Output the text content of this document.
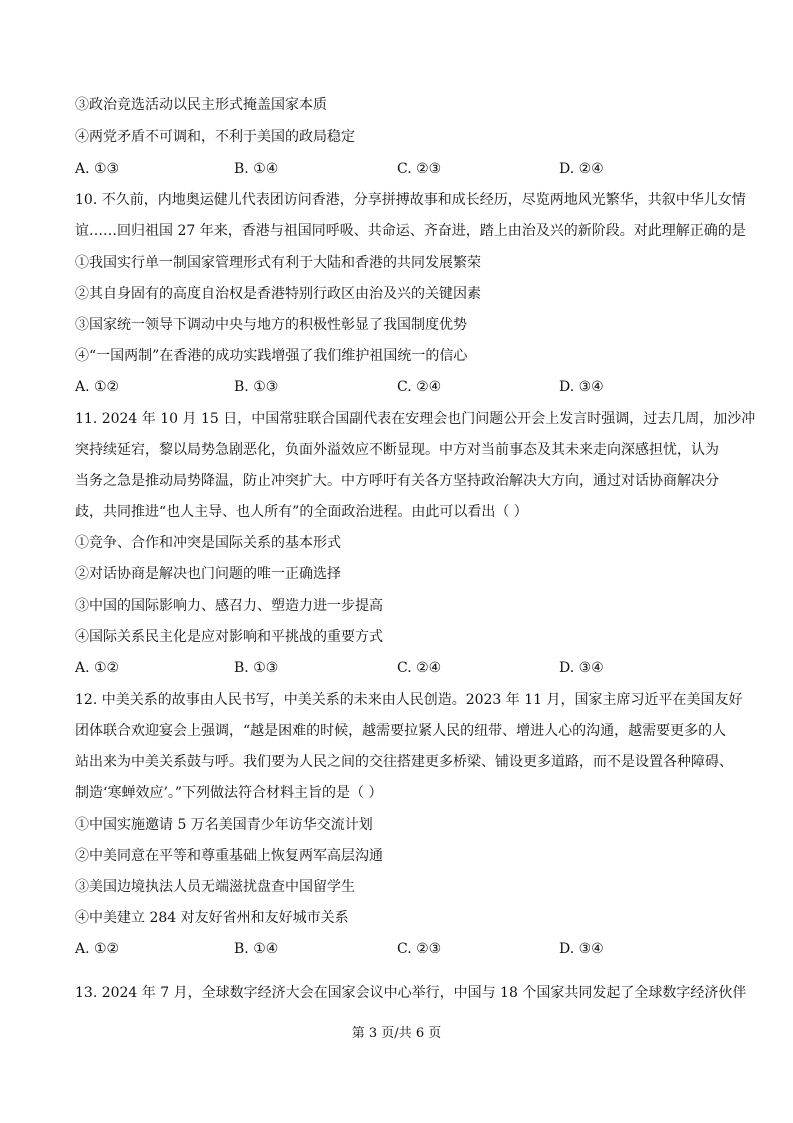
③政治竞选活动以民主形式掩盖国家本质
④两党矛盾不可调和，不利于美国的政局稳定
A. ①③	B. ①④	C. ②③	D. ②④
10. 不久前，内地奥运健儿代表团访问香港，分享拼搏故事和成长经历，尽览两地风光繁华，共叙中华儿女情
谊……回归祖国 27 年来，香港与祖国同呼吸、共命运、齐奋进，踏上由治及兴的新阶段。对此理解正确的是
①我国实行单一制国家管理形式有利于大陆和香港的共同发展繁荣
②其自身固有的高度自治权是香港特别行政区由治及兴的关键因素
③国家统一领导下调动中央与地方的积极性彰显了我国制度优势
④“一国两制”在香港的成功实践增强了我们维护祖国统一的信心
A. ①②	B. ①③	C. ②④	D. ③④
11. 2024 年 10 月 15 日，中国常驻联合国副代表在安理会也门问题公开会上发言时强调，过去几周，加沙冲
突持续延宕，黎以局势急剧恶化，负面外溢效应不断显现。中方对当前事态及其未来走向深感担忧，认为
当务之急是推动局势降温，防止冲突扩大。中方呼吁有关各方坚持政治解决大方向，通过对话协商解决分
歧，共同推进“也人主导、也人所有”的全面政治进程。由此可以看出（ ）
①竞争、合作和冲突是国际关系的基本形式
②对话协商是解决也门问题的唯一正确选择
③中国的国际影响力、感召力、塑造力进一步提高
④国际关系民主化是应对影响和平挑战的重要方式
A. ①②	B. ①③	C. ②④	D. ③④
12. 中美关系的故事由人民书写，中美关系的未来由人民创造。2023 年 11 月，国家主席习近平在美国友好
团体联合欢迎宴会上强调，“越是困难的时候，越需要拉紧人民的纽带、增进人心的沟通，越需要更多的人
站出来为中美关系鼓与呼。我们要为人民之间的交往搭建更多桥梁、铺设更多道路，而不是设置各种障碍、
制造‘寒蝉效应’。”下列做法符合材料主旨的是（ ）
①中国实施邀请 5 万名美国青少年访华交流计划
②中美同意在平等和尊重基础上恢复两军高层沟通
③美国边境执法人员无端滋扰盘查中国留学生
④中美建立 284 对友好省州和友好城市关系
A. ①②	B. ①④	C. ②③	D. ③④
13. 2024 年 7 月，全球数字经济大会在国家会议中心举行，中国与 18 个国家共同发起了全球数字经济伙伴
第 3 页/共 6 页
